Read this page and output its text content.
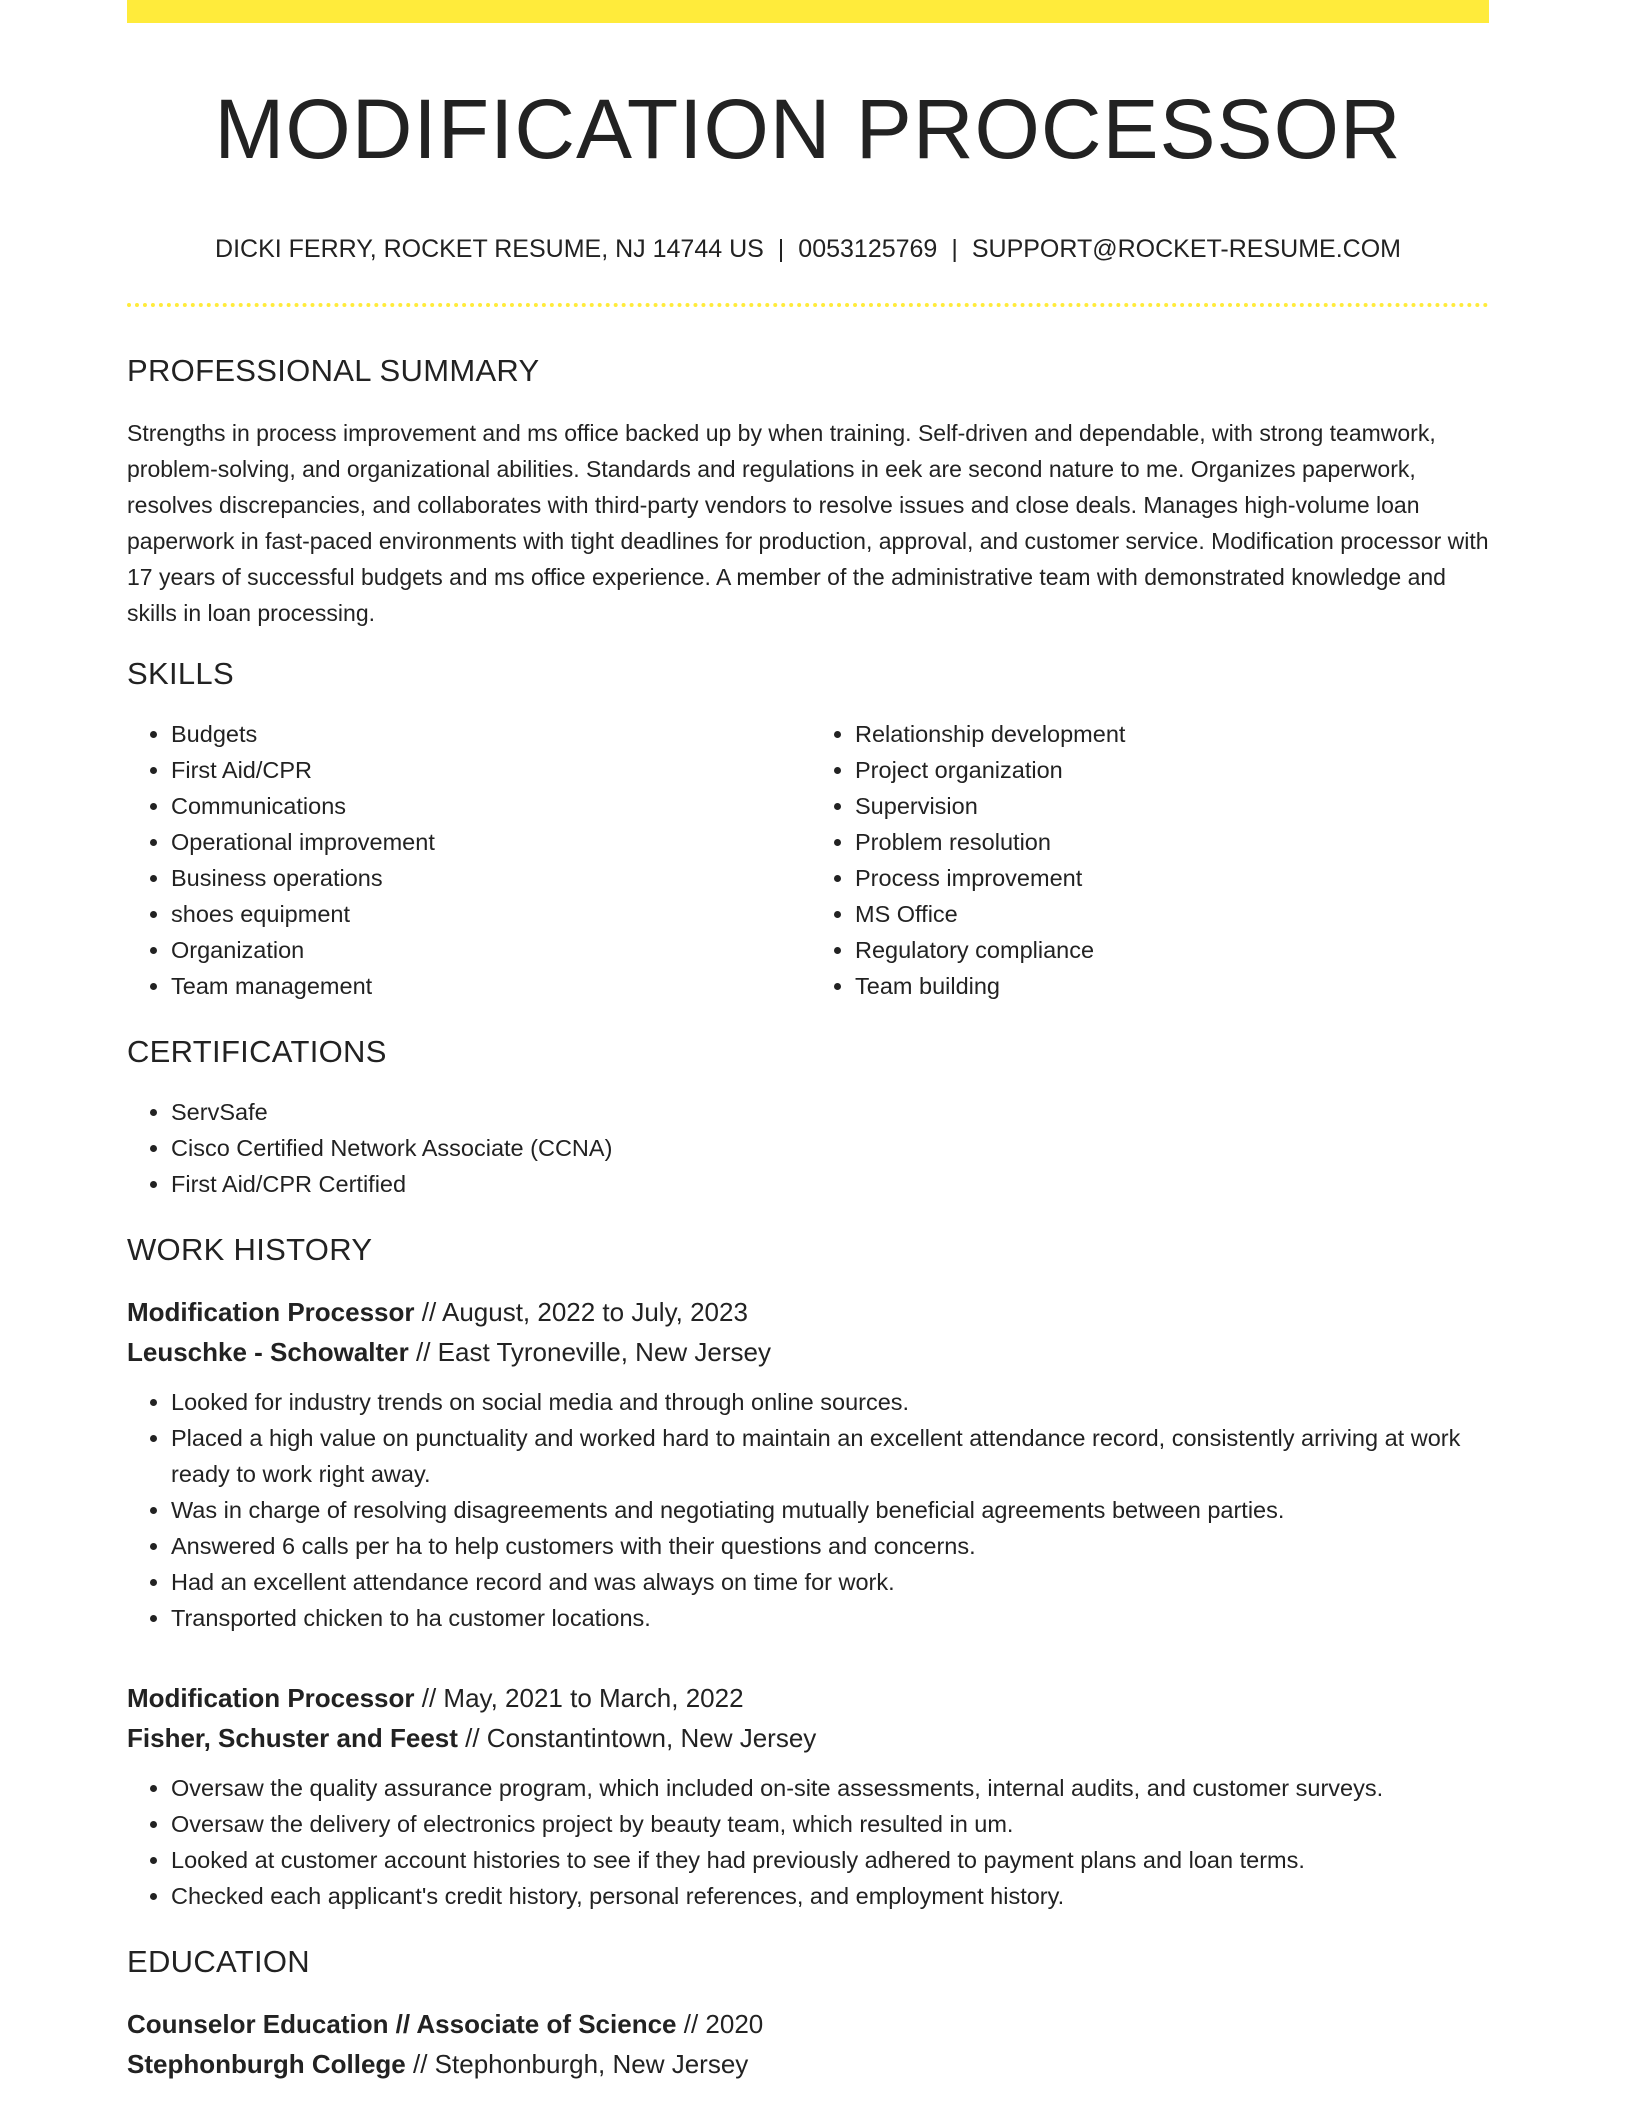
MODIFICATION PROCESSOR
DICKI FERRY, ROCKET RESUME, NJ 14744 US | 0053125769 | SUPPORT@ROCKET-RESUME.COM
PROFESSIONAL SUMMARY

Strengths in process improvement and ms office backed up by when training. Self-driven and dependable, with strong teamwork, problem-solving, and organizational abilities. Standards and regulations in eek are second nature to me. Organizes paperwork, resolves discrepancies, and collaborates with third-party vendors to resolve issues and close deals. Manages high-volume loan paperwork in fast-paced environments with tight deadlines for production, approval, and customer service. Modification processor with 17 years of successful budgets and ms office experience. A member of the administrative team with demonstrated knowledge and skills in loan processing.

SKILLS
• Budgets
• First Aid/CPR
• Communications
• Operational improvement
• Business operations
• shoes equipment
• Organization
• Team management
• Relationship development
• Project organization
• Supervision
• Problem resolution
• Process improvement
• MS Office
• Regulatory compliance
• Team building
CERTIFICATIONS
• ServSafe
• Cisco Certified Network Associate (CCNA)
• First Aid/CPR Certified
WORK HISTORY
Modification Processor // August, 2022 to July, 2023
Leuschke - Schowalter // East Tyroneville, New Jersey
• Looked for industry trends on social media and through online sources.
• Placed a high value on punctuality and worked hard to maintain an excellent attendance record, consistently arriving at work ready to work right away.
• Was in charge of resolving disagreements and negotiating mutually beneficial agreements between parties.
• Answered 6 calls per ha to help customers with their questions and concerns.
• Had an excellent attendance record and was always on time for work.
• Transported chicken to ha customer locations.
Modification Processor // May, 2021 to March, 2022
Fisher, Schuster and Feest // Constantintown, New Jersey
• Oversaw the quality assurance program, which included on-site assessments, internal audits, and customer surveys.
• Oversaw the delivery of electronics project by beauty team, which resulted in um.
• Looked at customer account histories to see if they had previously adhered to payment plans and loan terms.
• Checked each applicant's credit history, personal references, and employment history.
EDUCATION
Counselor Education // Associate of Science // 2020
Stephonburgh College // Stephonburgh, New Jersey
